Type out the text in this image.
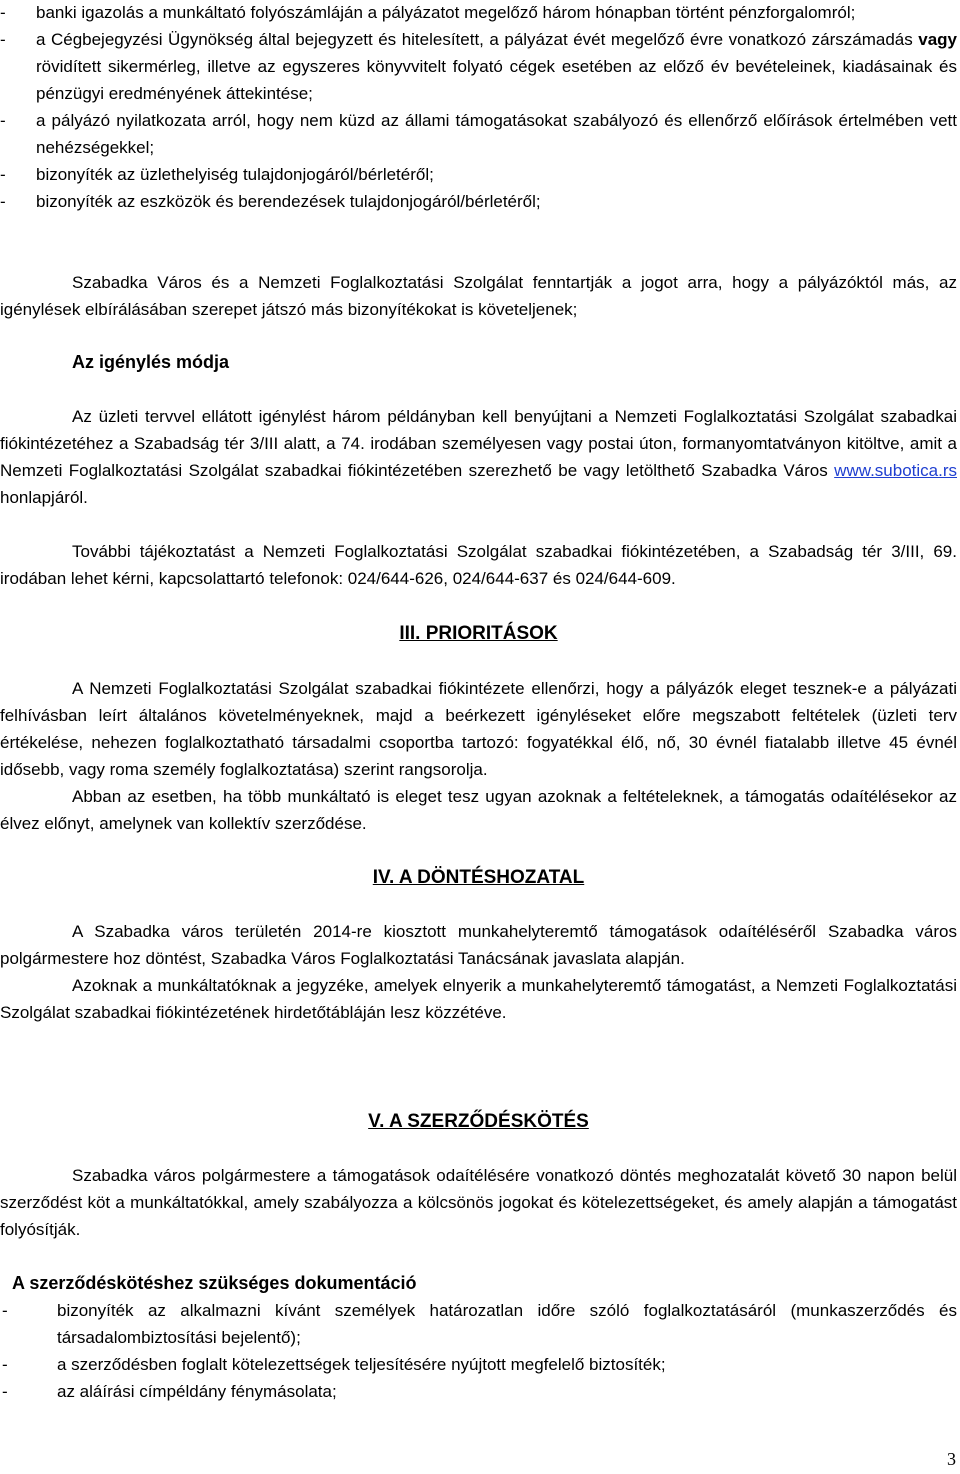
- banki igazolás a munkáltató folyószámláján a pályázatot megelőző három hónapban történt pénzforgalomról;
- a Cégbejegyzési Ügynökség által bejegyzett és hitelesített, a pályázat évét megelőző évre vonatkozó zárszámadás vagy rövidített sikermérleg, illetve az egyszeres könyvvitelt folyató cégek esetében az előző év bevételeinek, kiadásainak és pénzügyi eredményének áttekintése;
- a pályázó nyilatkozata arról, hogy nem küzd az állami támogatásokat szabályozó és ellenőrző előírások értelmében vett nehézségekkel;
- bizonyíték az üzlethelyiség tulajdonjogáról/bérletéről;
- bizonyíték az eszközök és berendezések tulajdonjogáról/bérletéről;

Szabadka Város és a Nemzeti Foglalkoztatási Szolgálat fenntartják a jogot arra, hogy a pályázóktól más, az igénylések elbírálásában szerepet játszó más bizonyítékokat is követeljenek;

Az igénylés módja

Az üzleti tervvel ellátott igénylést három példányban kell benyújtani a Nemzeti Foglalkoztatási Szolgálat szabadkai fiókintézetéhez a Szabadság tér 3/III alatt, a 74. irodában személyesen vagy postai úton, formanyomtatványon kitöltve, amit a Nemzeti Foglalkoztatási Szolgálat szabadkai fiókintézetében szerezhető be vagy letölthető Szabadka Város www.subotica.rs honlapjáról.

További tájékoztatást a Nemzeti Foglalkoztatási Szolgálat szabadkai fiókintézetében, a Szabadság tér 3/III, 69. irodában lehet kérni, kapcsolattartó telefonok: 024/644-626, 024/644-637 és 024/644-609.

III. PRIORITÁSOK

A Nemzeti Foglalkoztatási Szolgálat szabadkai fiókintézete ellenőrzi, hogy a pályázók eleget tesznek-e a pályázati felhívásban leírt általános követelményeknek, majd a beérkezett igényléseket előre megszabott feltételek (üzleti terv értékelése, nehezen foglalkoztatható társadalmi csoportba tartozó: fogyatékkal élő, nő, 30 évnél fiatalabb illetve 45 évnél idősebb, vagy roma személy foglalkoztatása) szerint rangsorolja.

Abban az esetben, ha több munkáltató is eleget tesz ugyan azoknak a feltételeknek, a támogatás odaítélésekor az élvez előnyt, amelynek van kollektív szerződése.

IV. A DÖNTÉSHOZATAL

A Szabadka város területén 2014-re kiosztott munkahelyteremtő támogatások odaítéléséről Szabadka város polgármestere hoz döntést, Szabadka Város Foglalkoztatási Tanácsának javaslata alapján.

Azoknak a munkáltatóknak a jegyzéke, amelyek elnyerik a munkahelyteremtő támogatást, a Nemzeti Foglalkoztatási Szolgálat szabadkai fiókintézetének hirdetőtábláján lesz közzétéve.

V. A SZERZŐDÉSKÖTÉS

Szabadka város polgármestere a támogatások odaítélésére vonatkozó döntés meghozatalát követő 30 napon belül szerződést köt a munkáltatókkal, amely szabályozza a kölcsönös jogokat és kötelezettségeket, és amely alapján a támogatást folyósítják.

A szerződéskötéshez szükséges dokumentáció

-	bizonyíték az alkalmazni kívánt személyek határozatlan időre szóló foglalkoztatásáról (munkaszerződés és társadalombiztosítási bejelentő);
-	a szerződésben foglalt kötelezettségek teljesítésére nyújtott megfelelő biztosíték;
-	az aláírási címpéldány fénymásolata;
3
